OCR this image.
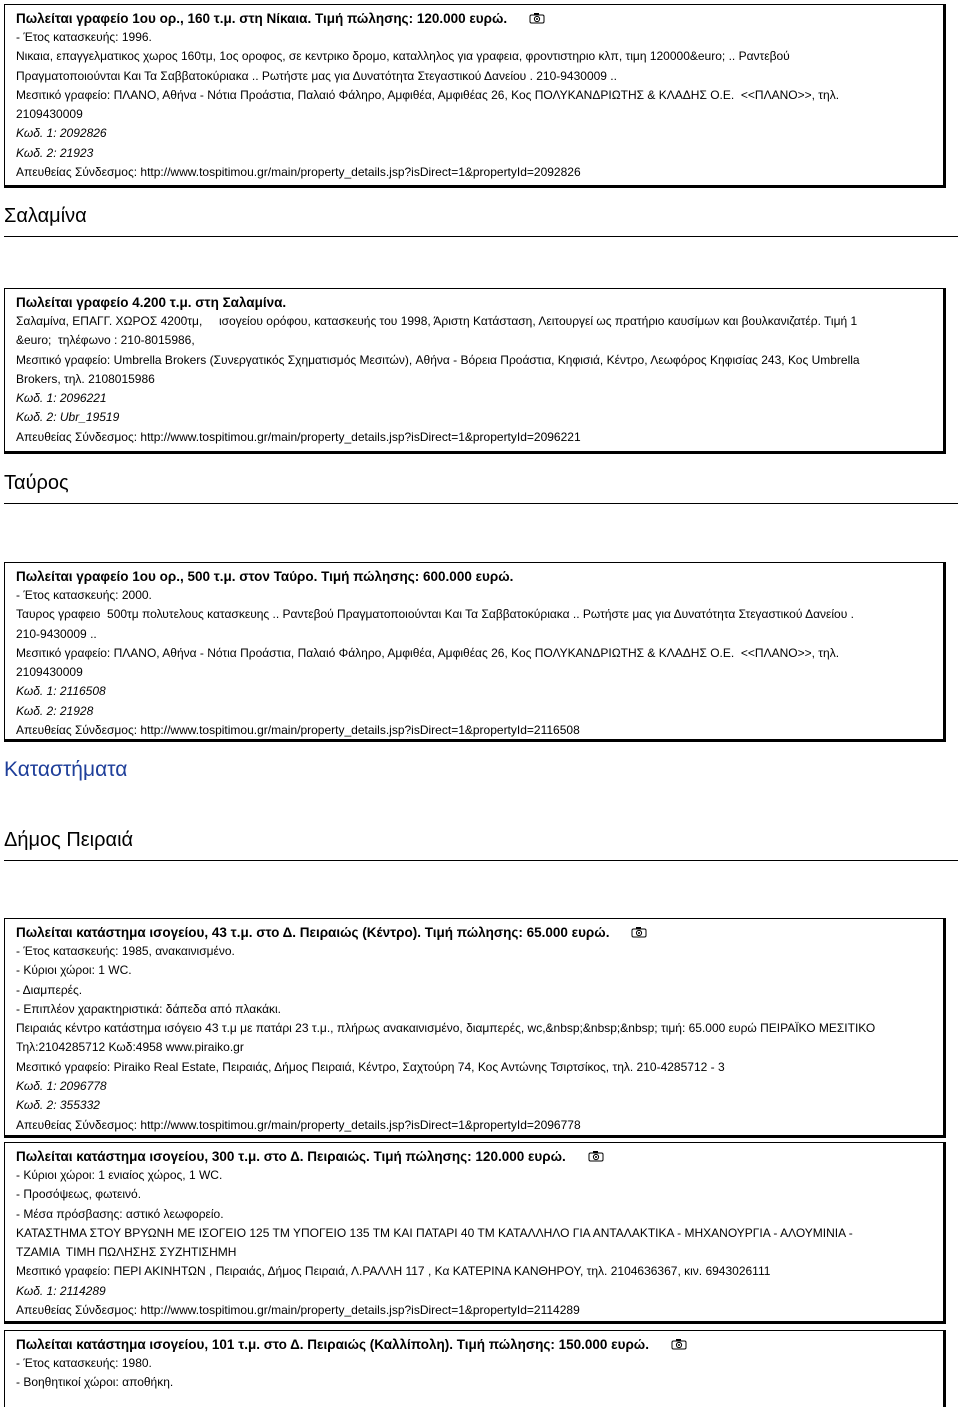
Πωλείται γραφείο 1ου ορ., 160 τ.μ. στη Νίκαια. Τιμή πώλησης: 120.000 ευρώ.
- Έτος κατασκευής: 1996.
Νικαια, επαγγελματικος χωρος 160τμ, 1ος οροφος, σε κεντρικο δρομο, καταλληλος για γραφεια, φροντιστηριο κλπ, τιμη 120000&euro; .. Ραντεβού
Πραγματοποιούνται Και Τα Σαββατοκύριακα .. Ρωτήστε μας για Δυνατότητα Στεγαστικού Δανείου . 210-9430009 ..
Μεσιτικό γραφείο: ΠΛΑΝΟ, Αθήνα - Νότια Προάστια, Παλαιό Φάληρο, Αμφιθέα, Αμφιθέας 26, Κος ΠΟΛΥΚΑΝΔΡΙΩΤΗΣ & ΚΛΑΔΗΣ Ο.Ε.  <<ΠΛΑΝΟ>>, τηλ.
2109430009
Κωδ. 1: 2092826
Κωδ. 2: 21923
Απευθείας Σύνδεσμος: http://www.tospitimou.gr/main/property_details.jsp?isDirect=1&propertyId=2092826
Σαλαμίνα
Πωλείται γραφείο 4.200 τ.μ. στη Σαλαμίνα.
Σαλαμίνα, ΕΠΑΓΓ. ΧΩΡΟΣ 4200τμ,     ισογείου ορόφου, κατασκευής του 1998, Άριστη Κατάσταση, Λειτουργεί ως πρατήριο καυσίμων και βουλκανιζατέρ. Τιμή 1
&euro;  τηλέφωνο : 210-8015986,
Μεσιτικό γραφείο: Umbrella Brokers (Συνεργατικός Σχηματισμός Μεσιτών), Αθήνα - Βόρεια Προάστια, Κηφισιά, Κέντρο, Λεωφόρος Κηφισίας 243, Κος Umbrella
Brokers, τηλ. 2108015986
Κωδ. 1: 2096221
Κωδ. 2: Ubr_19519
Απευθείας Σύνδεσμος: http://www.tospitimou.gr/main/property_details.jsp?isDirect=1&propertyId=2096221
Ταύρος
Πωλείται γραφείο 1ου ορ., 500 τ.μ. στον Ταύρο. Τιμή πώλησης: 600.000 ευρώ.
- Έτος κατασκευής: 2000.
Ταυρος γραφειο  500τμ πολυτελους κατασκευης .. Ραντεβού Πραγματοποιούνται Και Τα Σαββατοκύριακα .. Ρωτήστε μας για Δυνατότητα Στεγαστικού Δανείου .
210-9430009 ..
Μεσιτικό γραφείο: ΠΛΑΝΟ, Αθήνα - Νότια Προάστια, Παλαιό Φάληρο, Αμφιθέα, Αμφιθέας 26, Κος ΠΟΛΥΚΑΝΔΡΙΩΤΗΣ & ΚΛΑΔΗΣ Ο.Ε.  <<ΠΛΑΝΟ>>, τηλ.
2109430009
Κωδ. 1: 2116508
Κωδ. 2: 21928
Απευθείας Σύνδεσμος: http://www.tospitimou.gr/main/property_details.jsp?isDirect=1&propertyId=2116508
Καταστήματα
Δήμος Πειραιά
Πωλείται κατάστημα ισογείου, 43 τ.μ. στο Δ. Πειραιώς (Κέντρο). Τιμή πώλησης: 65.000 ευρώ.
- Έτος κατασκευής: 1985, ανακαινισμένο.
- Κύριοι χώροι: 1 WC.
- Διαμπερές.
- Επιπλέον χαρακτηριστικά: δάπεδα από πλακάκι.
Πειραιάς κέντρο κατάστημα ισόγειο 43 τ.μ με πατάρι 23 τ.μ., πλήρως ανακαινισμένο, διαμπερές, wc,&nbsp;&nbsp;&nbsp; τιμή: 65.000 ευρώ ΠΕΙΡΑΪΚΟ ΜΕΣΙΤΙΚΟ
Τηλ:2104285712 Κωδ:4958 www.piraiko.gr
Μεσιτικό γραφείο: Piraiko Real Estate, Πειραιάς, Δήμος Πειραιά, Κέντρο, Σαχτούρη 74, Κος Αντώνης Τσιρτσίκος, τηλ. 210-4285712 - 3
Κωδ. 1: 2096778
Κωδ. 2: 355332
Απευθείας Σύνδεσμος: http://www.tospitimou.gr/main/property_details.jsp?isDirect=1&propertyId=2096778
Πωλείται κατάστημα ισογείου, 300 τ.μ. στο Δ. Πειραιώς. Τιμή πώλησης: 120.000 ευρώ.
- Κύριοι χώροι: 1 ενιαίος χώρος, 1 WC.
- Προσόψεως, φωτεινό.
- Μέσα πρόσβασης: αστικό λεωφορείο.
ΚΑΤΑΣΤΗΜΑ ΣΤΟΥ ΒΡΥΩΝΗ ΜΕ ΙΣΟΓΕΙΟ 125 ΤΜ ΥΠΟΓΕΙΟ 135 ΤΜ ΚΑΙ ΠΑΤΑΡΙ 40 ΤΜ ΚΑΤΑΛΛΗΛΟ ΓΙΑ ΑΝΤΑΛΑΚΤΙΚΑ - ΜΗΧΑΝΟΥΡΓΙΑ - ΑΛΟΥΜΙΝΙΑ -
ΤΖΑΜΙΑ  ΤΙΜΗ ΠΩΛΗΣΗΣ ΣΥΖΗΤΙΣΗΜΗ
Μεσιτικό γραφείο: ΠΕΡΙ ΑΚΙΝΗΤΩΝ , Πειραιάς, Δήμος Πειραιά, Λ.ΡΑΛΛΗ 117 , Κα ΚΑΤΕΡΙΝΑ ΚΑΝΘΗΡΟΥ, τηλ. 2104636367, κιν. 6943026111
Κωδ. 1: 2114289
Απευθείας Σύνδεσμος: http://www.tospitimou.gr/main/property_details.jsp?isDirect=1&propertyId=2114289
Πωλείται κατάστημα ισογείου, 101 τ.μ. στο Δ. Πειραιώς (Καλλίπολη). Τιμή πώλησης: 150.000 ευρώ.
- Έτος κατασκευής: 1980.
- Βοηθητικοί χώροι: αποθήκη.
